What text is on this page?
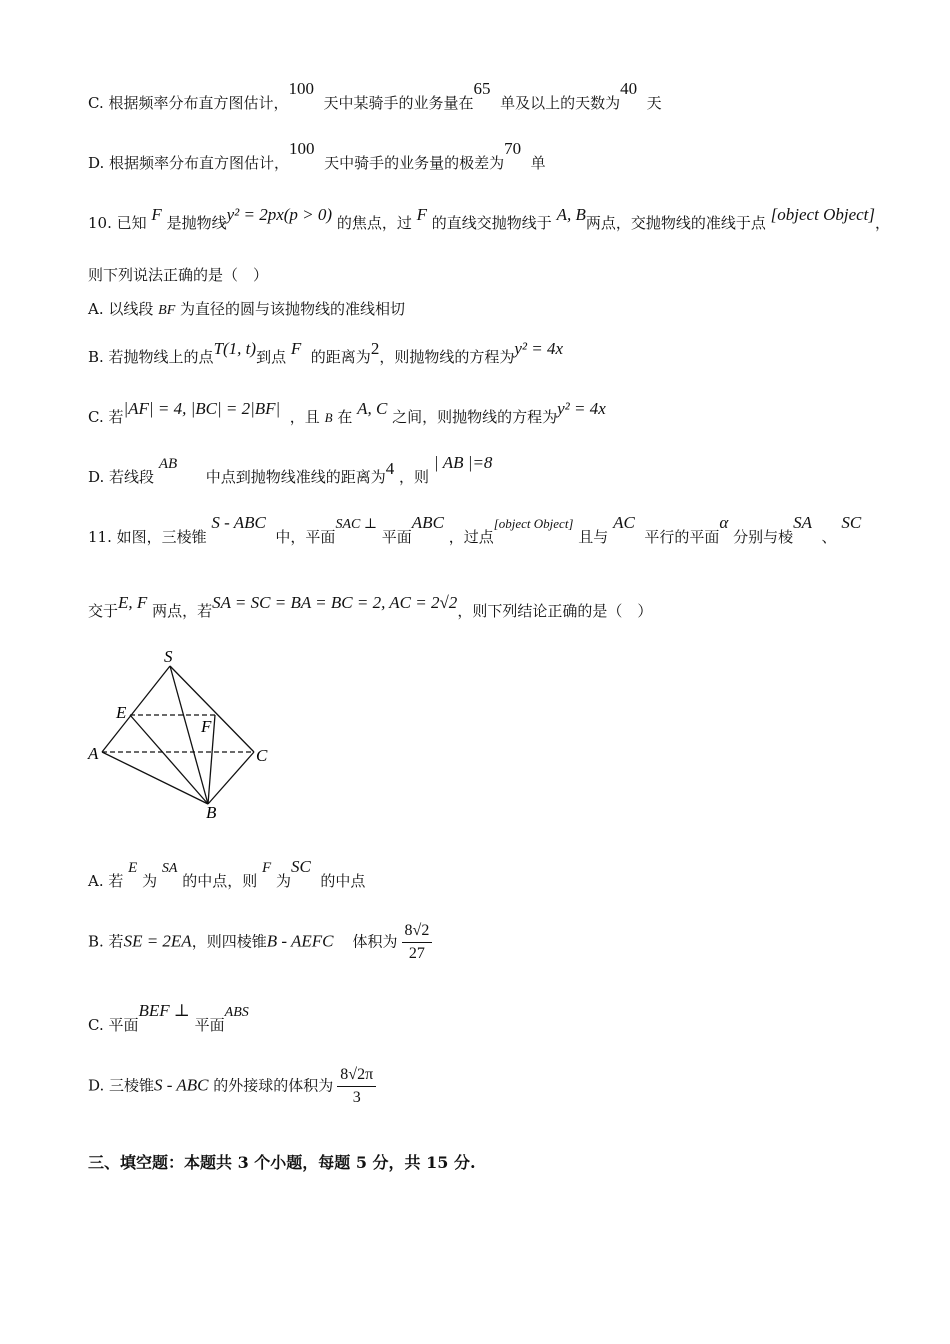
C. 根据频率分布直方图估计，100  天中某骑手的业务量在65  单及以上的天数为40  天
D. 根据频率分布直方图估计，100  天中骑手的业务量的极差为70  单
10. 已知 F 是抛物线y² = 2px(p > 0) 的焦点，过 F 的直线交抛物线于 A, B两点，交抛物线的准线于点 [object Object]，
则下列说法正确的是（　）
A. 以线段 BF 为直径的圆与该抛物线的准线相切
B. 若抛物线上的点T(1, t)到点 F 的距离为2，则抛物线的方程为y² = 4x
C. 若|AF| = 4, |BC| = 2|BF| ，且 B 在 A, C 之间，则抛物线的方程为y² = 4x
D. 若线段 AB      中点到抛物线准线的距离为4 ，则 | AB |=8
11. 如图，三棱锥 S - ABC  中，平面SAC ⊥ 平面ABC ，过点[object Object] 且与 AC  平行的平面α 分别与棱SA  、 SC
交于E, F 两点，若SA = SC = BA = BC = 2, AC = 2√2，则下列结论正确的是（　）
S
E
F
A	C
B
A. 若 E 为 SA 的中点，则 F 为SC  的中点
B. 若SE = 2EA，则四棱锥B - AEFC 体积为 $\frac{8√2}{27}$
C. 平面BEF ⊥ 平面ABS
D. 三棱锥S - ABC 的外接球的体积为 $\frac{8√2\pi}{3}$
三、填空题：本题共 3 个小题，每题 5 分，共 15 分.
